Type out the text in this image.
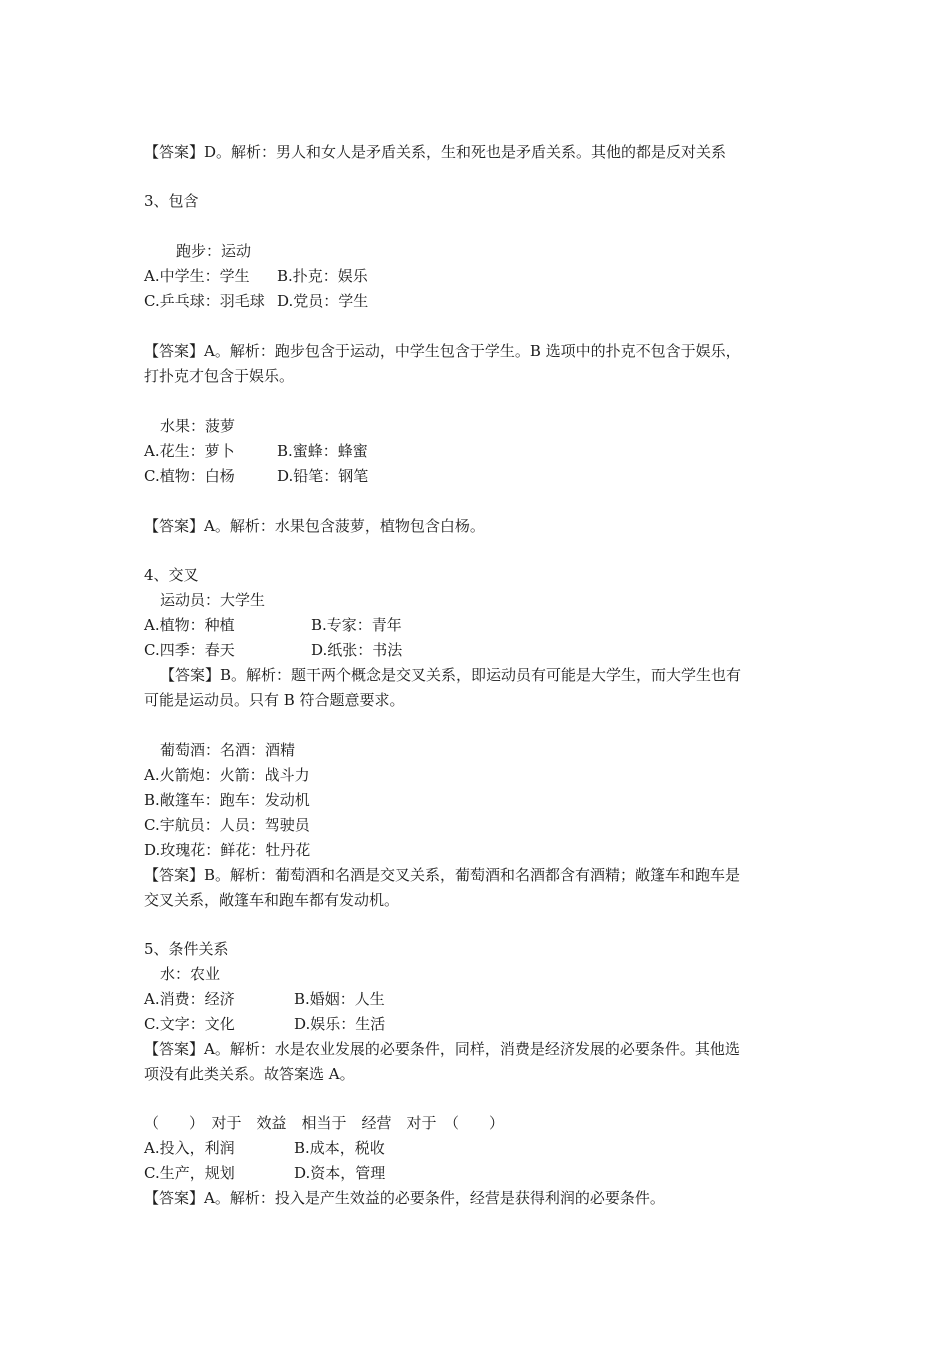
【答案】D。解析：男人和女人是矛盾关系，生和死也是矛盾关系。其他的都是反对关系
3、包含
跑步：运动
A.中学生：学生 B.扑克：娱乐
C.乒乓球：羽毛球 D.党员：学生
【答案】A。解析：跑步包含于运动，中学生包含于学生。B 选项中的扑克不包含于娱乐，
打扑克才包含于娱乐。
水果：菠萝
A.花生：萝卜	B.蜜蜂：蜂蜜
C.植物：白杨	D.铅笔：钢笔
【答案】A。解析：水果包含菠萝，植物包含白杨。
4、交叉
运动员：大学生
A.植物：种植	B.专家：青年
C.四季：春天	D.纸张：书法
【答案】B。解析：题干两个概念是交叉关系，即运动员有可能是大学生，而大学生也有
可能是运动员。只有 B 符合题意要求。
葡萄酒：名酒：酒精
A.火箭炮：火箭：战斗力
B.敞篷车：跑车：发动机
C.宇航员：人员：驾驶员
D.玫瑰花：鲜花：牡丹花
【答案】B。解析：葡萄酒和名酒是交叉关系，葡萄酒和名酒都含有酒精；敞篷车和跑车是
交叉关系，敞篷车和跑车都有发动机。
5、条件关系
水：农业
A.消费：经济	B.婚姻：人生
C.文字：文化	D.娱乐：生活
【答案】A。解析：水是农业发展的必要条件，同样，消费是经济发展的必要条件。其他选
项没有此类关系。故答案选 A。
（　　）　对于　效益　相当于　经营　对于　（　　）
A.投入，利润	B.成本，税收
C.生产，规划	D.资本，管理
【答案】A。解析：投入是产生效益的必要条件，经营是获得利润的必要条件。
